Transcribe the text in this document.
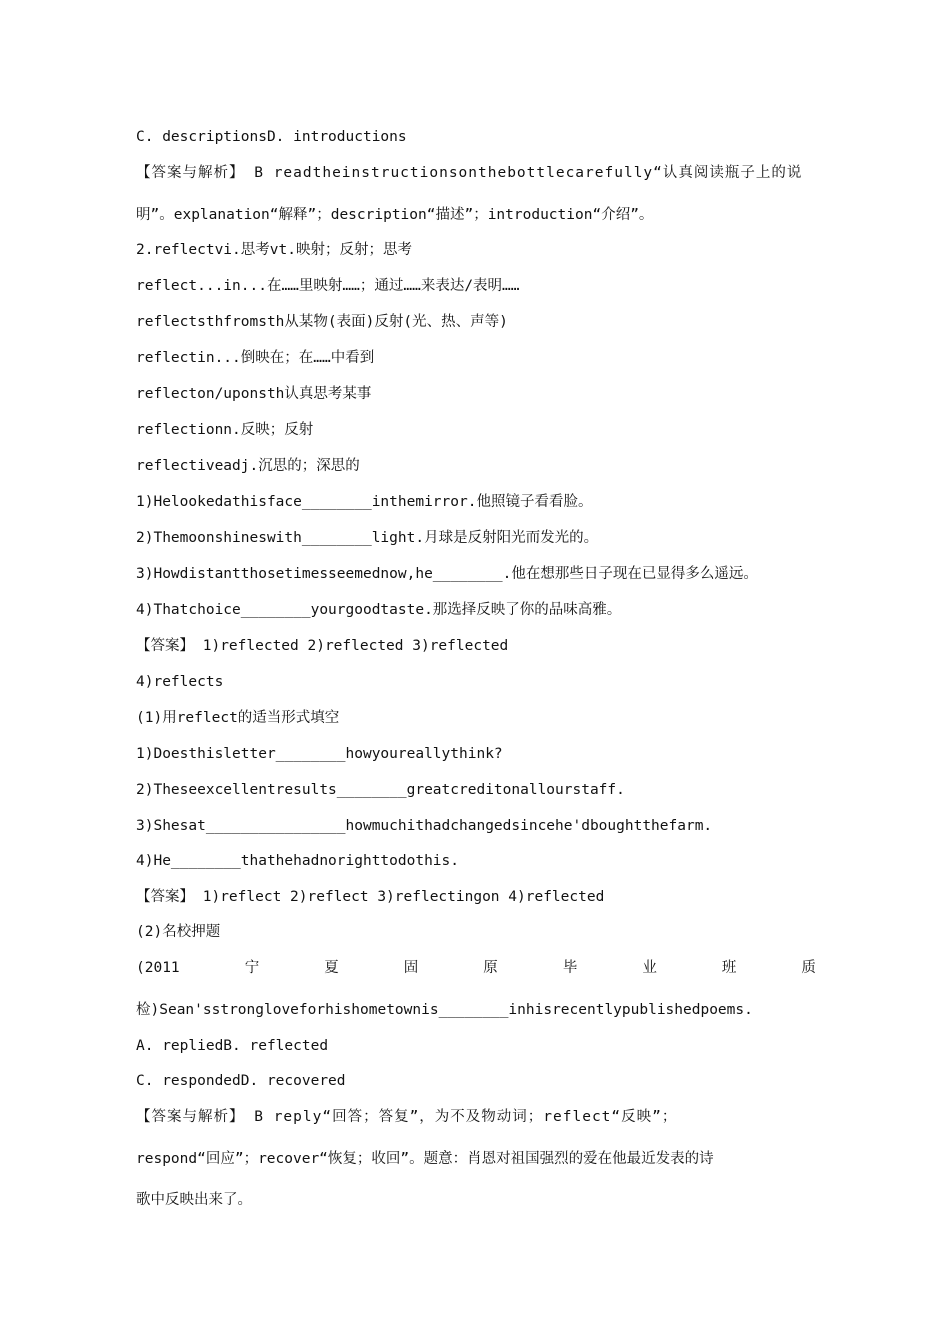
C. descriptionsD. introductions
【答案与解析】 B readtheinstructionsonthebottlecarefully“认真阅读瓶子上的说
明”。explanation“解释”；description“描述”；introduction“介绍”。
2.reflectvi.思考vt.映射；反射；思考
reflect...in...在……里映射……；通过……来表达/表明……
reflectsthfromsth从某物(表面)反射(光、热、声等)
reflectin...倒映在；在……中看到
reflecton/uponsth认真思考某事
reflectionn.反映；反射
reflectiveadj.沉思的；深思的
1)Helookedathisface________inthemirror.他照镜子看看脸。
2)Themoonshineswith________light.月球是反射阳光而发光的。
3)Howdistantthosetimesseemednow,he________.他在想那些日子现在已显得多么遥远。
4)Thatchoice________yourgoodtaste.那选择反映了你的品味高雅。
【答案】 1)reflected 2)reflected 3)reflected
4)reflects
(1)用reflect的适当形式填空
1)Doesthisletter________howyoureallythink?
2)Theseexcellentresults________greatcreditonallourstaff.
3)Shesat________________howmuchithadchangedsincehe'dboughtthefarm.
4)He________thathehadnorighttodothis.
【答案】 1)reflect 2)reflect 3)reflectingon 4)reflected
(2)名校押题
(2011	宁	夏	固	原	毕	业	班	质
检)Sean'sstrongloveforhishometownis________inhisrecentlypublishedpoems.
A. repliedB. reflected
C. respondedD. recovered
【答案与解析】 B reply“回答；答复”，为不及物动词；reflect“反映”；
respond“回应”；recover“恢复；收回”。题意：肖恩对祖国强烈的爱在他最近发表的诗
歌中反映出来了。
